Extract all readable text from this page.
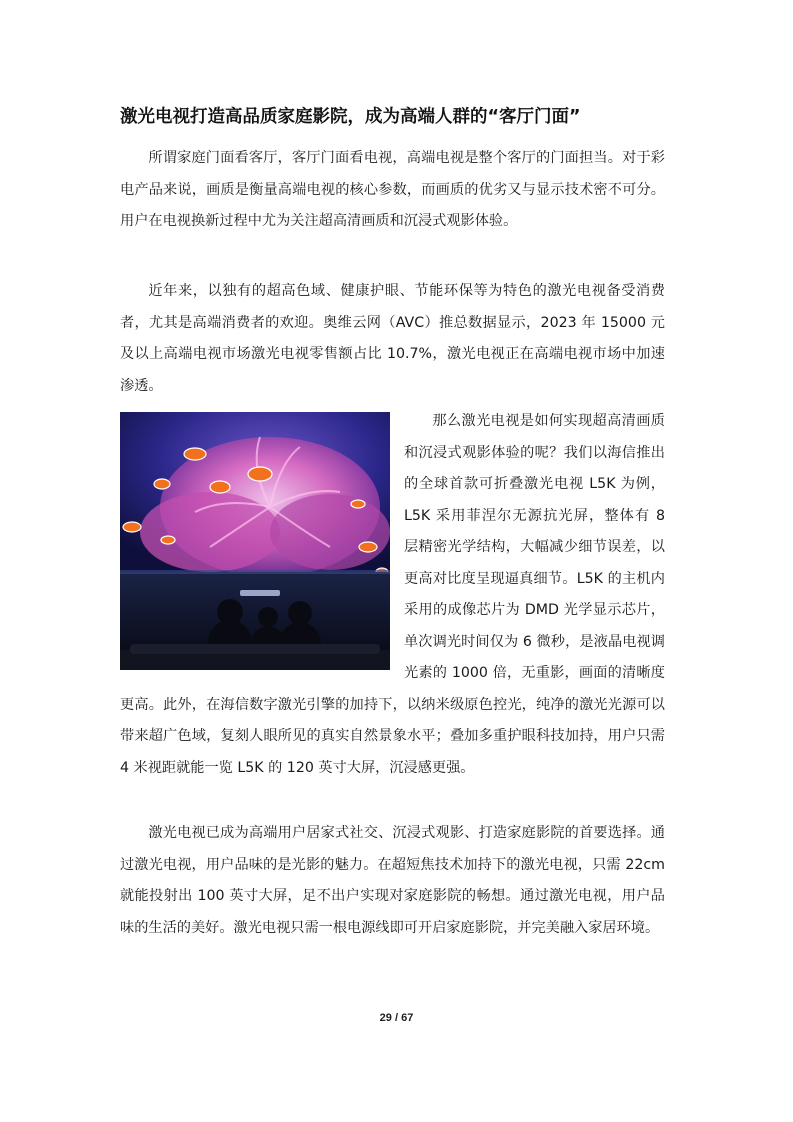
激光电视打造高品质家庭影院，成为高端人群的“客厅门面”

所谓家庭门面看客厅，客厅门面看电视，高端电视是整个客厅的门面担当。对于彩电产品来说，画质是衡量高端电视的核心参数，而画质的优劣又与显示技术密不可分。用户在电视换新过程中尤为关注超高清画质和沉浸式观影体验。

近年来，以独有的超高色域、健康护眼、节能环保等为特色的激光电视备受消费者，尤其是高端消费者的欢迎。奥维云网（AVC）推总数据显示，2023 年 15000 元及以上高端电视市场激光电视零售额占比 10.7%，激光电视正在高端电视市场中加速渗透。

那么激光电视是如何实现超高清画质和沉浸式观影体验的呢？我们以海信推出的全球首款可折叠激光电视 L5K 为例，L5K 采用菲涅尔无源抗光屏，整体有 8 层精密光学结构，大幅减少细节误差，以更高对比度呈现逼真细节。L5K 的主机内采用的成像芯片为 DMD 光学显示芯片，单次调光时间仅为 6 微秒，是液晶电视调光素的 1000 倍，无重影，画面的清晰度更高。此外，在海信数字激光引擎的加持下，以纳米级原色控光，纯净的激光光源可以带来超广色域，复刻人眼所见的真实自然景象水平；叠加多重护眼科技加持，用户只需 4 米视距就能一览 L5K 的 120 英寸大屏，沉浸感更强。

激光电视已成为高端用户居家式社交、沉浸式观影、打造家庭影院的首要选择。通过激光电视，用户品味的是光影的魅力。在超短焦技术加持下的激光电视，只需 22cm 就能投射出 100 英寸大屏，足不出户实现对家庭影院的畅想。通过激光电视，用户品味的生活的美好。激光电视只需一根电源线即可开启家庭影院，并完美融入家居环境。

29 / 67
